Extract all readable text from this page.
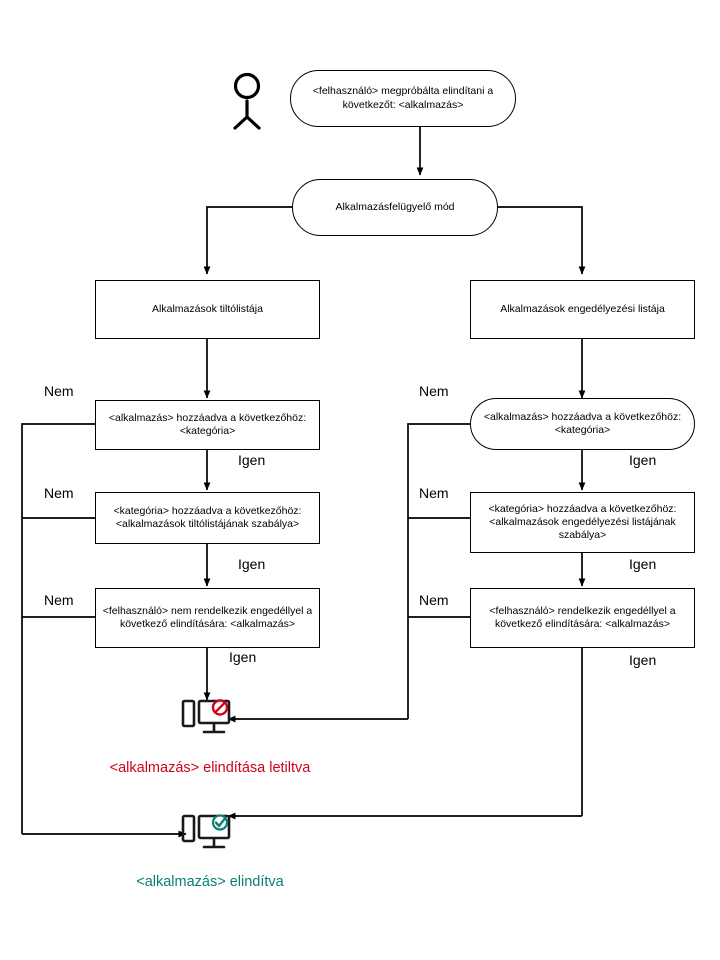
<felhasználó> megpróbálta elindítani a következőt: <alkalmazás>
Alkalmazásfelügyelő mód
Alkalmazások tiltólistája	Alkalmazások engedélyezési listája
<alkalmazás> hozzáadva a következőhöz: <kategória>
<alkalmazás> hozzáadva a következőhöz: <kategória>
<kategória> hozzáadva a következőhöz: <alkalmazások tiltólistájának szabálya>
<kategória> hozzáadva a következőhöz: <alkalmazások engedélyezési listájának szabálya>
<felhasználó> nem rendelkezik engedéllyel a következő elindítására: <alkalmazás>
<felhasználó> rendelkezik engedéllyel a következő elindítására: <alkalmazás>
Nem
Nem
Nem
Igen
Igen
Igen
Nem
Nem
Nem
Igen
Igen
Igen
<alkalmazás> elindítása letiltva
<alkalmazás> elindítva
